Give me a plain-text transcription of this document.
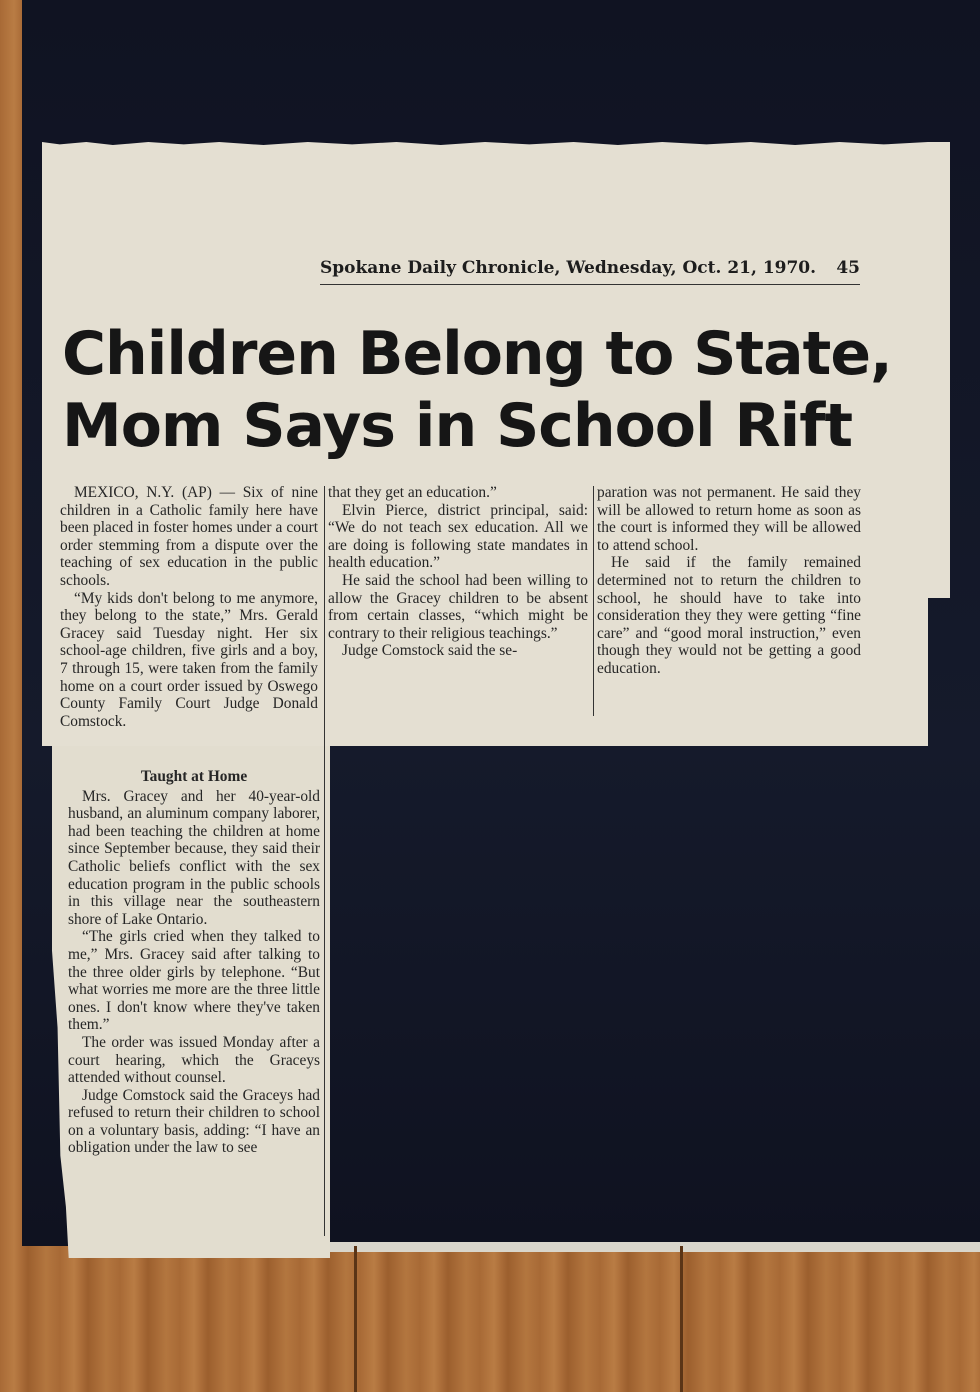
Spokane Daily Chronicle, Wednesday, Oct. 21, 1970. 45
Children Belong to State,
Mom Says in School Rift

MEXICO, N.Y. (AP) — Six of nine children in a Catholic family here have been placed in foster homes under a court order stemming from a dispute over the teaching of sex education in the public schools.

“My kids don't belong to me anymore, they belong to the state,” Mrs. Gerald Gracey said Tuesday night. Her six school-age children, five girls and a boy, 7 through 15, were taken from the family home on a court order issued by Oswego County Family Court Judge Donald Comstock.

Taught at Home

Mrs. Gracey and her 40-year-old husband, an aluminum company laborer, had been teaching the children at home since September because, they said their Catholic beliefs conflict with the sex education program in the public schools in this village near the southeastern shore of Lake Ontario.

“The girls cried when they talked to me,” Mrs. Gracey said after talking to the three older girls by telephone. “But what worries me more are the three little ones. I don't know where they've taken them.”

The order was issued Monday after a court hearing, which the Graceys attended without counsel.

Judge Comstock said the Graceys had refused to return their children to school on a voluntary basis, adding: “I have an obligation under the law to see

that they get an education.”

Elvin Pierce, district principal, said: “We do not teach sex education. All we are doing is following state mandates in health education.”

He said the school had been willing to allow the Gracey children to be absent from certain classes, “which might be contrary to their religious teachings.”

Judge Comstock said the se-

paration was not permanent. He said they will be allowed to return home as soon as the court is informed they will be allowed to attend school.

He said if the family remained determined not to return the children to school, he should have to take into consideration they they were getting “fine care” and “good moral instruction,” even though they would not be getting a good education.
